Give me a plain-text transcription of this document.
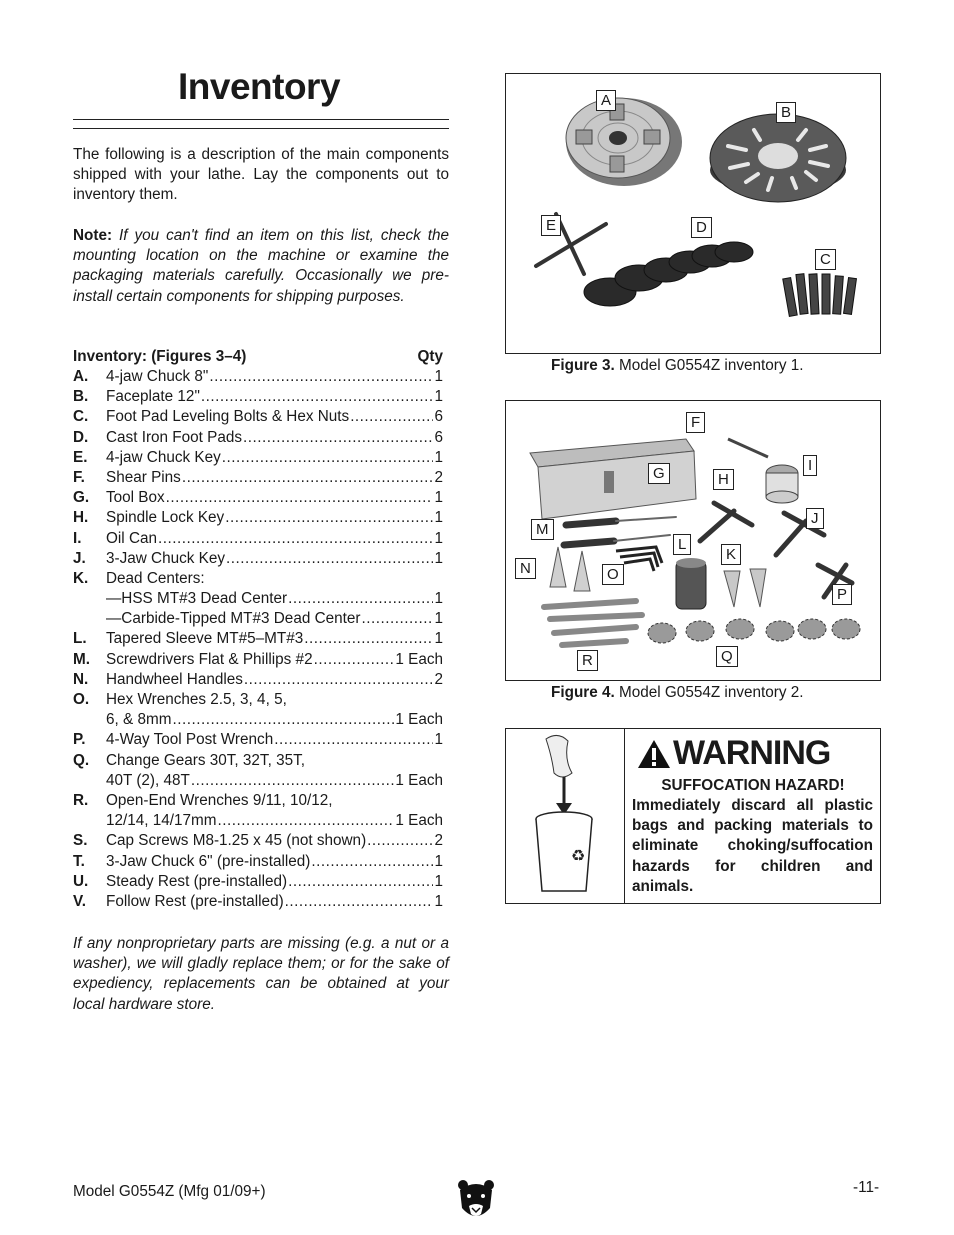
Inventory

The following is a description of the main components shipped with your lathe. Lay the components out to inventory them.

Note: If you can't find an item on this list, check the mounting location on the machine or examine the packaging materials carefully. Occasionally we pre-install certain components for shipping purposes.

Inventory: (Figures 3–4)	Qty
A.	4-jaw Chuck 8" .....	1
B.	Faceplate 12" .....	1
C.	Foot Pad Leveling Bolts & Hex Nuts .....	6
D.	Cast Iron Foot Pads .....	6
E.	4-jaw Chuck Key .....	1
F.	Shear Pins .....	2
G.	Tool Box .....	1
H.	Spindle Lock Key .....	1
I.	Oil Can .....	1
J.	3-Jaw Chuck Key .....	1
K.	Dead Centers:
—HSS MT#3 Dead Center .....	1
—Carbide-Tipped MT#3 Dead Center .....	1
L.	Tapered Sleeve MT#5–MT#3 .....	1
M.	Screwdrivers Flat & Phillips #2 .....	1 Each
N.	Handwheel Handles .....	2
O.	Hex Wrenches 2.5, 3, 4, 5,
6, & 8mm .....	1 Each
P.	4-Way Tool Post Wrench .....	1
Q.	Change Gears 30T, 32T, 35T,
40T (2), 48T .....	1 Each
R.	Open-End Wrenches 9/11, 10/12,
12/14, 14/17mm .....	1 Each
S.	Cap Screws M8-1.25 x 45 (not shown) .....	2
T.	3-Jaw Chuck 6" (pre-installed) .....	1
U.	Steady Rest (pre-installed) .....	1
V.	Follow Rest (pre-installed) .....	1

If any nonproprietary parts are missing (e.g. a nut or a washer), we will gladly replace them; or for the sake of expediency, replacements can be obtained at your local hardware store.

A
B
C
D
E
Figure 3. Model G0554Z inventory 1.
F
G	H
I
J
K
L
M
N	O
P
Q
R
Figure 4. Model G0554Z inventory 2.
♻
WARNING
SUFFOCATION HAZARD!
Immediately discard all plastic bags and packing materials to eliminate choking/suffocation hazards for children and animals.
Model G0554Z (Mfg 01/09+)	-11-
